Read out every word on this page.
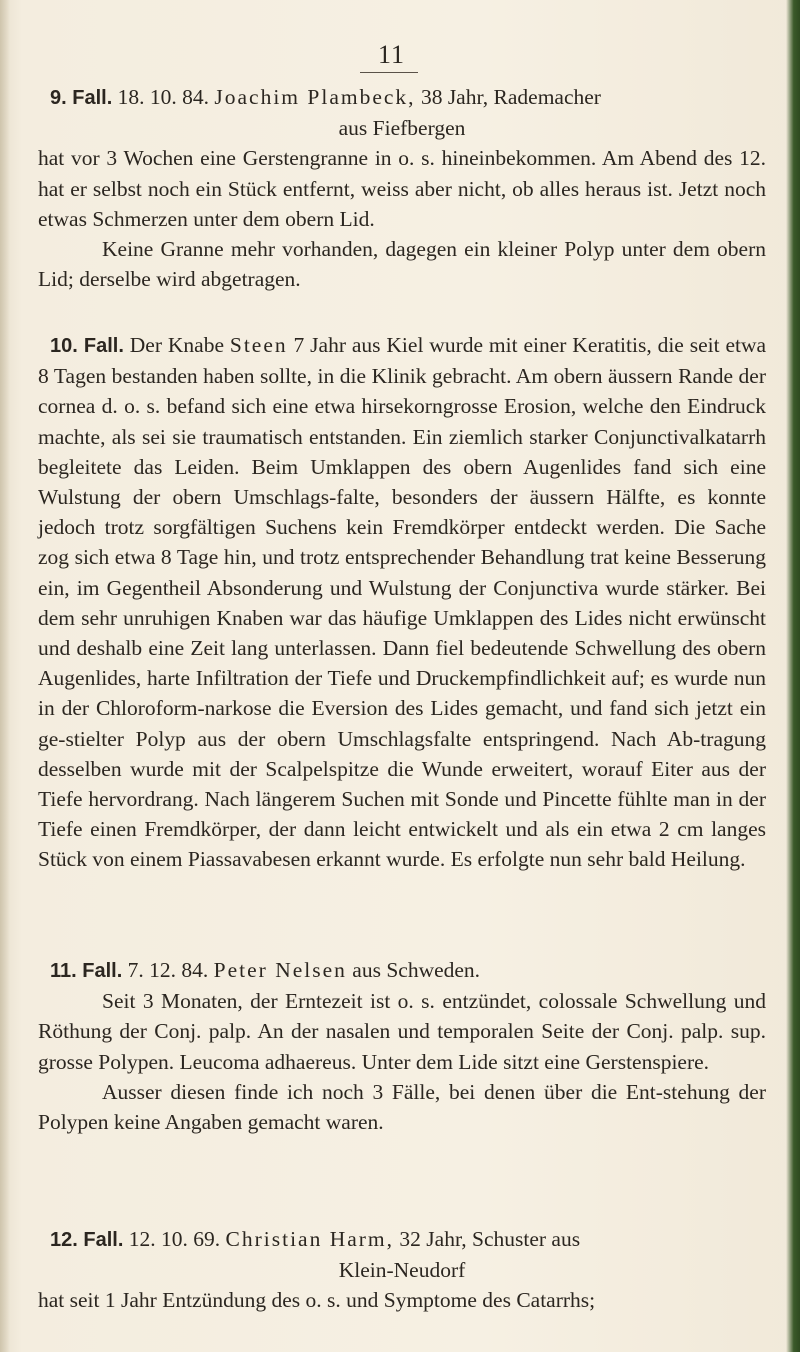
11

9. Fall. 18. 10. 84. Joachim Plambeck, 38 Jahr, Rademacher

aus Fiefbergen

hat vor 3 Wochen eine Gerstengranne in o. s. hineinbekommen. Am Abend des 12. hat er selbst noch ein Stück entfernt, weiss aber nicht, ob alles heraus ist. Jetzt noch etwas Schmerzen unter dem obern Lid.

Keine Granne mehr vorhanden, dagegen ein kleiner Polyp unter dem obern Lid; derselbe wird abgetragen.

10. Fall. Der Knabe Steen 7 Jahr aus Kiel wurde mit einer Keratitis, die seit etwa 8 Tagen bestanden haben sollte, in die Klinik gebracht. Am obern äussern Rande der cornea d. o. s. befand sich eine etwa hirsekorngrosse Erosion, welche den Eindruck machte, als sei sie traumatisch entstanden. Ein ziemlich starker Conjunctivalkatarrh begleitete das Leiden. Beim Umklappen des obern Augenlides fand sich eine Wulstung der obern Umschlags-falte, besonders der äussern Hälfte, es konnte jedoch trotz sorgfältigen Suchens kein Fremdkörper entdeckt werden. Die Sache zog sich etwa 8 Tage hin, und trotz entsprechender Behandlung trat keine Besserung ein, im Gegentheil Absonderung und Wulstung der Conjunctiva wurde stärker. Bei dem sehr unruhigen Knaben war das häufige Umklappen des Lides nicht erwünscht und deshalb eine Zeit lang unterlassen. Dann fiel bedeutende Schwellung des obern Augenlides, harte Infiltration der Tiefe und Druckempfindlichkeit auf; es wurde nun in der Chloroform-narkose die Eversion des Lides gemacht, und fand sich jetzt ein ge-stielter Polyp aus der obern Umschlagsfalte entspringend. Nach Ab-tragung desselben wurde mit der Scalpelspitze die Wunde erweitert, worauf Eiter aus der Tiefe hervordrang. Nach längerem Suchen mit Sonde und Pincette fühlte man in der Tiefe einen Fremdkörper, der dann leicht entwickelt und als ein etwa 2 cm langes Stück von einem Piassavabesen erkannt wurde. Es erfolgte nun sehr bald Heilung.

11. Fall. 7. 12. 84. Peter Nelsen aus Schweden.

Seit 3 Monaten, der Erntezeit ist o. s. entzündet, colossale Schwellung und Röthung der Conj. palp. An der nasalen und temporalen Seite der Conj. palp. sup. grosse Polypen. Leucoma adhaereus. Unter dem Lide sitzt eine Gerstenspiere.

Ausser diesen finde ich noch 3 Fälle, bei denen über die Ent-stehung der Polypen keine Angaben gemacht waren.

12. Fall. 12. 10. 69. Christian Harm, 32 Jahr, Schuster aus

Klein-Neudorf

hat seit 1 Jahr Entzündung des o. s. und Symptome des Catarrhs;
